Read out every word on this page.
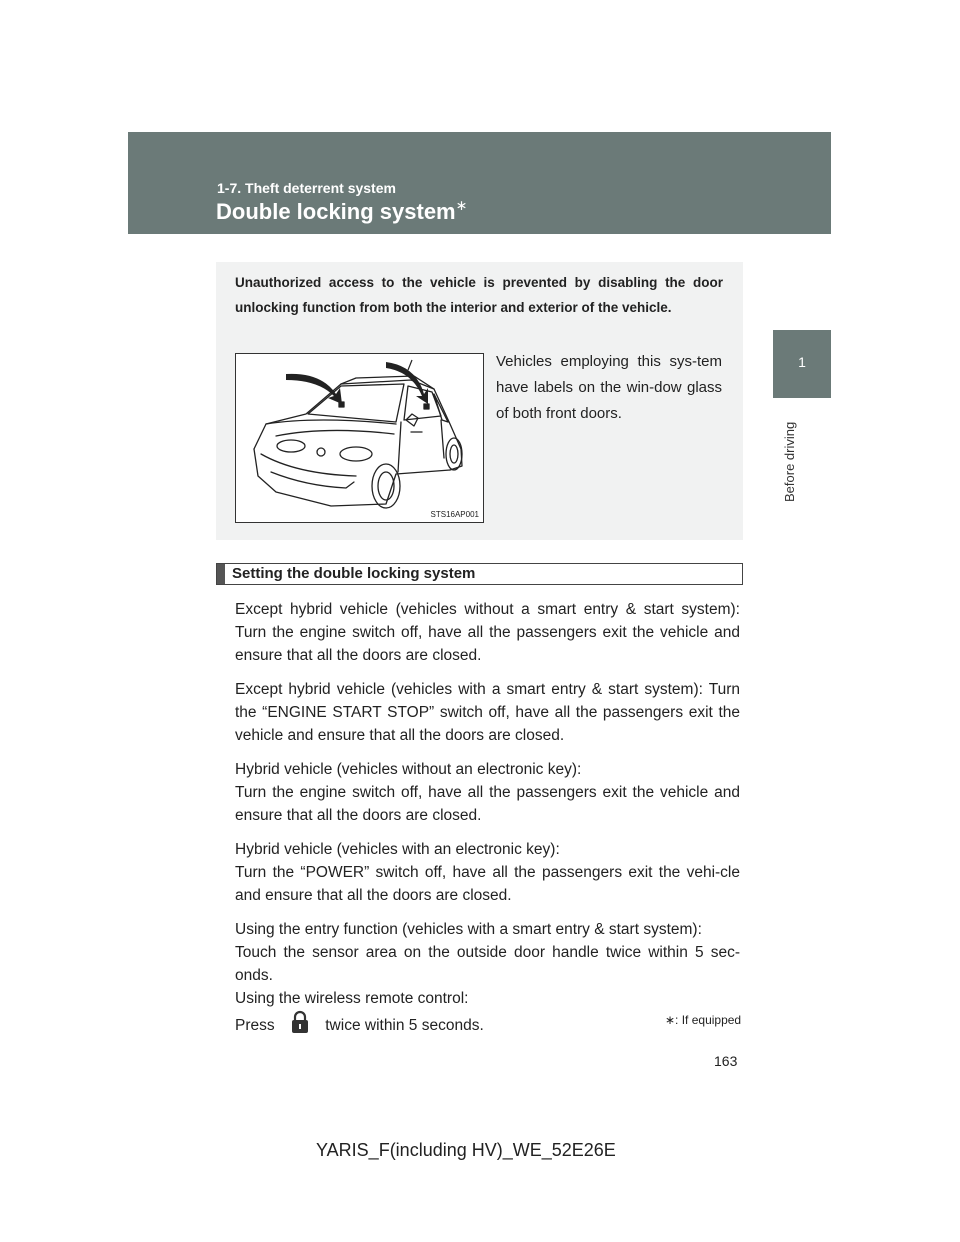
1-7. Theft deterrent system
Double locking system∗
1
Before driving
Unauthorized access to the vehicle is prevented by disabling the door unlocking function from both the interior and exterior of the vehicle.
STS16AP001
Vehicles employing this sys-tem have labels on the win-dow glass of both front doors.
Setting the double locking system

Except hybrid vehicle (vehicles without a smart entry & start system): Turn the engine switch off, have all the passengers exit the vehicle and ensure that all the doors are closed.

Except hybrid vehicle (vehicles with a smart entry & start system): Turn the “ENGINE START STOP” switch off, have all the passengers exit the vehicle and ensure that all the doors are closed.

Hybrid vehicle (vehicles without an electronic key):

Turn the engine switch off, have all the passengers exit the vehicle and ensure that all the doors are closed.

Hybrid vehicle (vehicles with an electronic key):

Turn the “POWER” switch off, have all the passengers exit the vehi-cle and ensure that all the doors are closed.

Using the entry function (vehicles with a smart entry & start system):

Touch the sensor area on the outside door handle twice within 5 sec-onds.

Using the wireless remote control:

Press	twice within 5 seconds.	∗: If equipped
163
YARIS_F(including HV)_WE_52E26E
